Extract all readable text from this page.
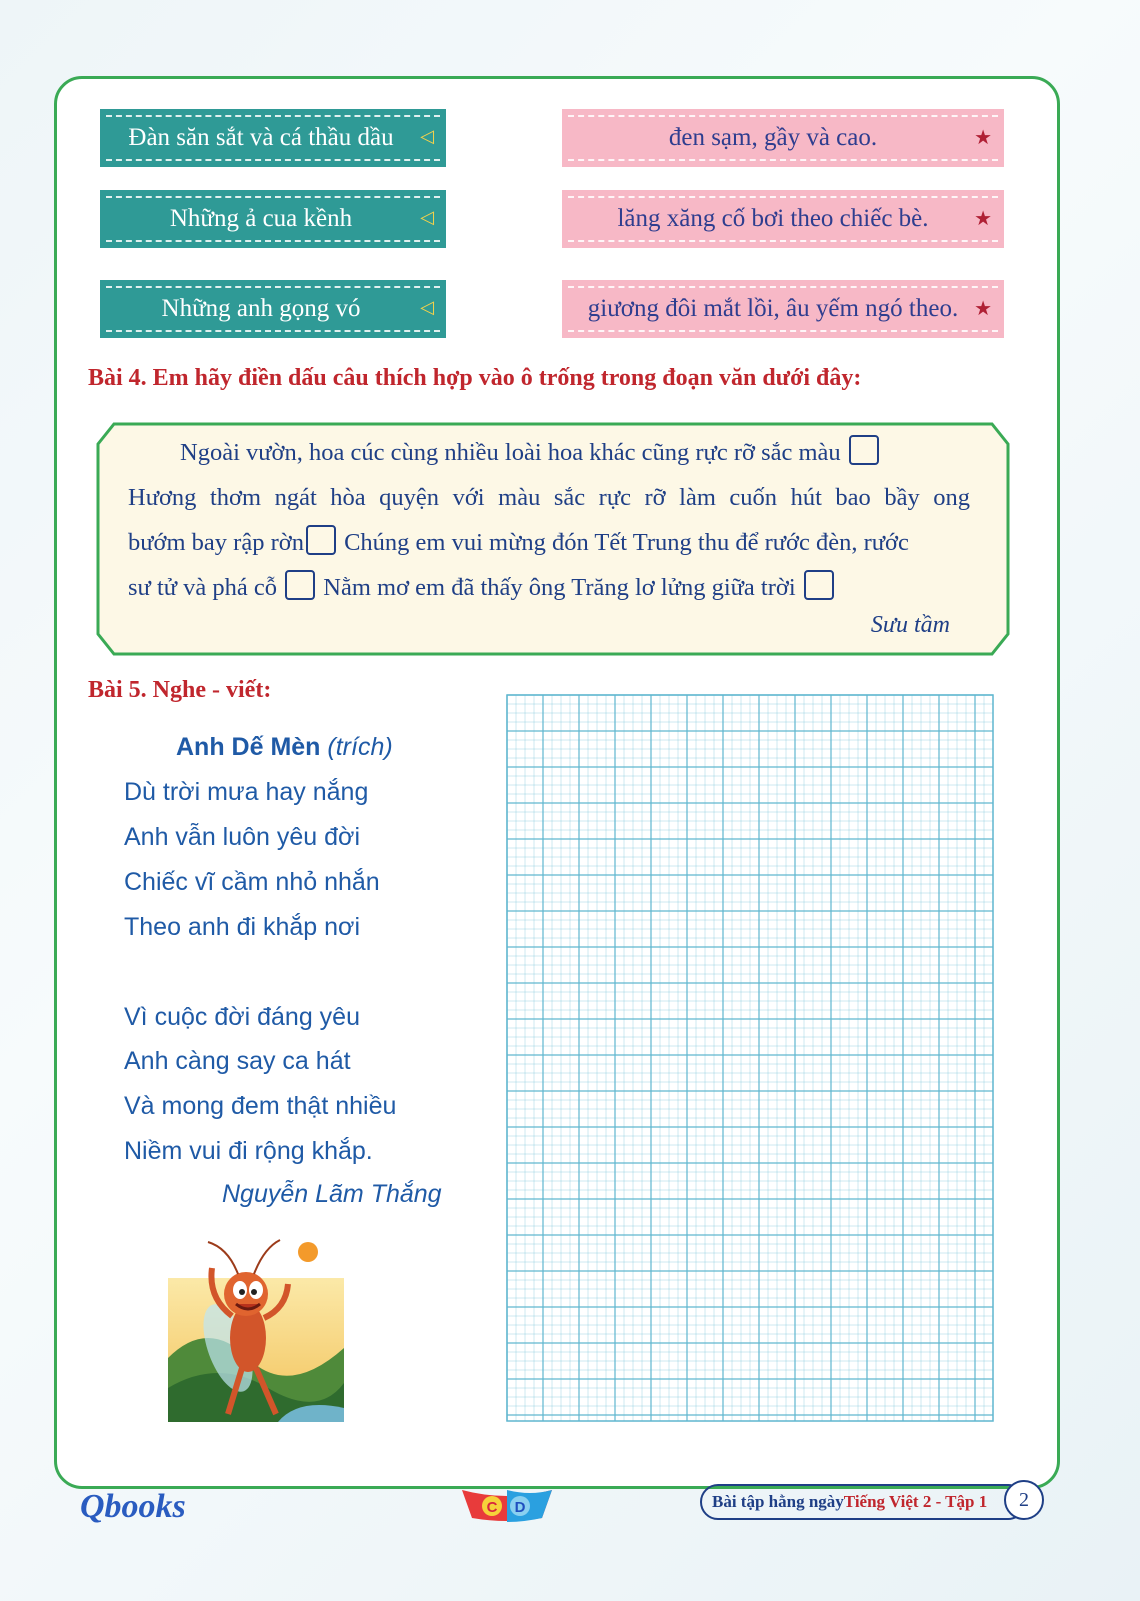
Đàn săn sắt và cá thầu dầu	◁
Những ả cua kềnh	◁
Những anh gọng vó	◁
đen sạm, gầy và cao.	★
lăng xăng cố bơi theo chiếc bè.	★
giương đôi mắt lồi, âu yếm ngó theo. ★
Bài 4. Em hãy điền dấu câu thích hợp vào ô trống trong đoạn văn dưới đây:
Ngoài vườn, hoa cúc cùng nhiều loài hoa khác cũng rực rỡ sắc màu
Hương thơm ngát hòa quyện với màu sắc rực rỡ làm cuốn hút bao bầy ong
bướm bay rập rờn Chúng em vui mừng đón Tết Trung thu để rước đèn, rước
sư tử và phá cỗ Nằm mơ em đã thấy ông Trăng lơ lửng giữa trời
Sưu tầm
Bài 5. Nghe - viết:
Anh Dế Mèn (trích)
Dù trời mưa hay nắng
Anh vẫn luôn yêu đời
Chiếc vĩ cầm nhỏ nhắn
Theo anh đi khắp nơi
Vì cuộc đời đáng yêu
Anh càng say ca hát
Và mong đem thật nhiều
Niềm vui đi rộng khắp.
Nguyễn Lãm Thắng
Qbooks	C D	Bài tập hằng ngày Tiếng Việt 2 - Tập 1	2
